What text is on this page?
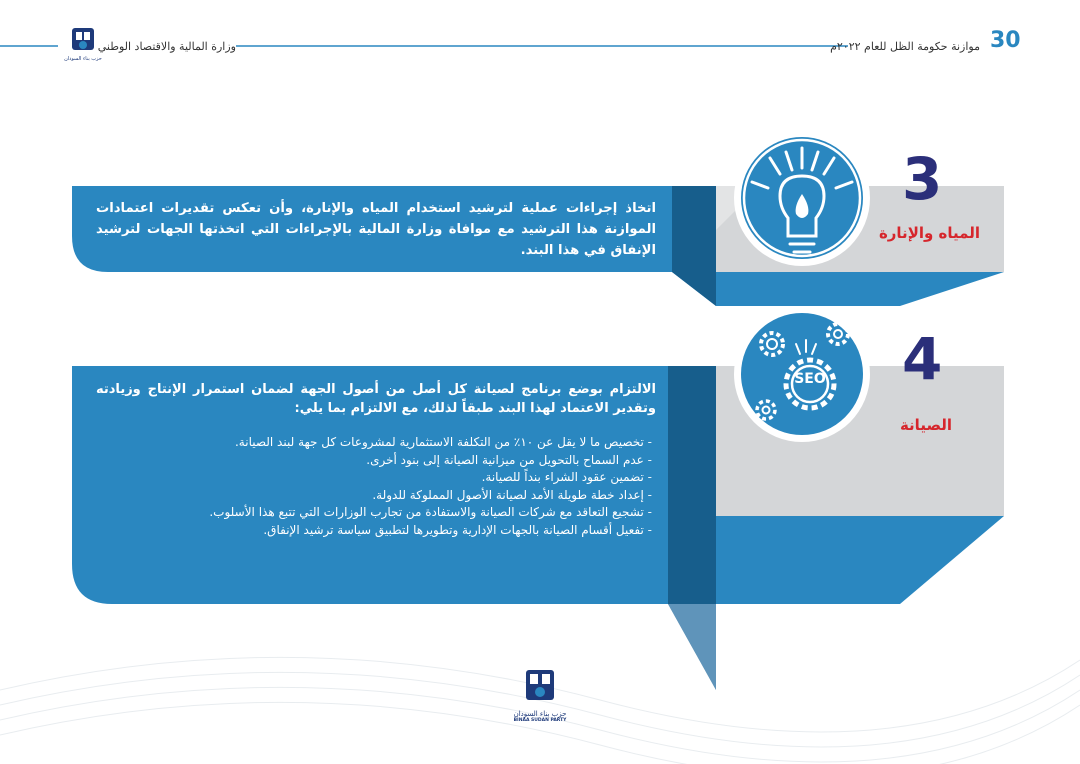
30
موازنة حكومة الظل للعام ٢٠٢٢م
وزارة المالية والاقتصاد الوطني
حزب بناء السودان
3
المياه والإنارة
اتخاذ إجراءات عملية لترشيد استخدام المياه والإنارة، وأن تعكس تقديرات اعتمادات الموازنة هذا الترشيد مع موافاة وزارة المالية بالإجراءات التي اتخذتها الجهات لترشيد الإنفاق في هذا البند.
4
الصيانة
SEO
الالتزام بوضع برنامج لصيانة كل أصل من أصول الجهة لضمان استمرار الإنتاج وزيادته وتقدير الاعتماد لهذا البند طبقاً لذلك، مع الالتزام بما يلي:
- تخصيص ما لا يقل عن ١٠٪ من التكلفة الاستثمارية لمشروعات كل جهة لبند الصيانة.
- عدم السماح بالتحويل من ميزانية الصيانة إلى بنود أخرى.
- تضمين عقود الشراء بنداً للصيانة.
- إعداد خطة طويلة الأمد لصيانة الأصول المملوكة للدولة.
- تشجيع التعاقد مع شركات الصيانة والاستفادة من تجارب الوزارات التي تتبع هذا الأسلوب.
- تفعيل أقسام الصيانة بالجهات الإدارية وتطويرها لتطبيق سياسة ترشيد الإنفاق.
حزب بناء السودان
BINAA SUDAN PARTY
